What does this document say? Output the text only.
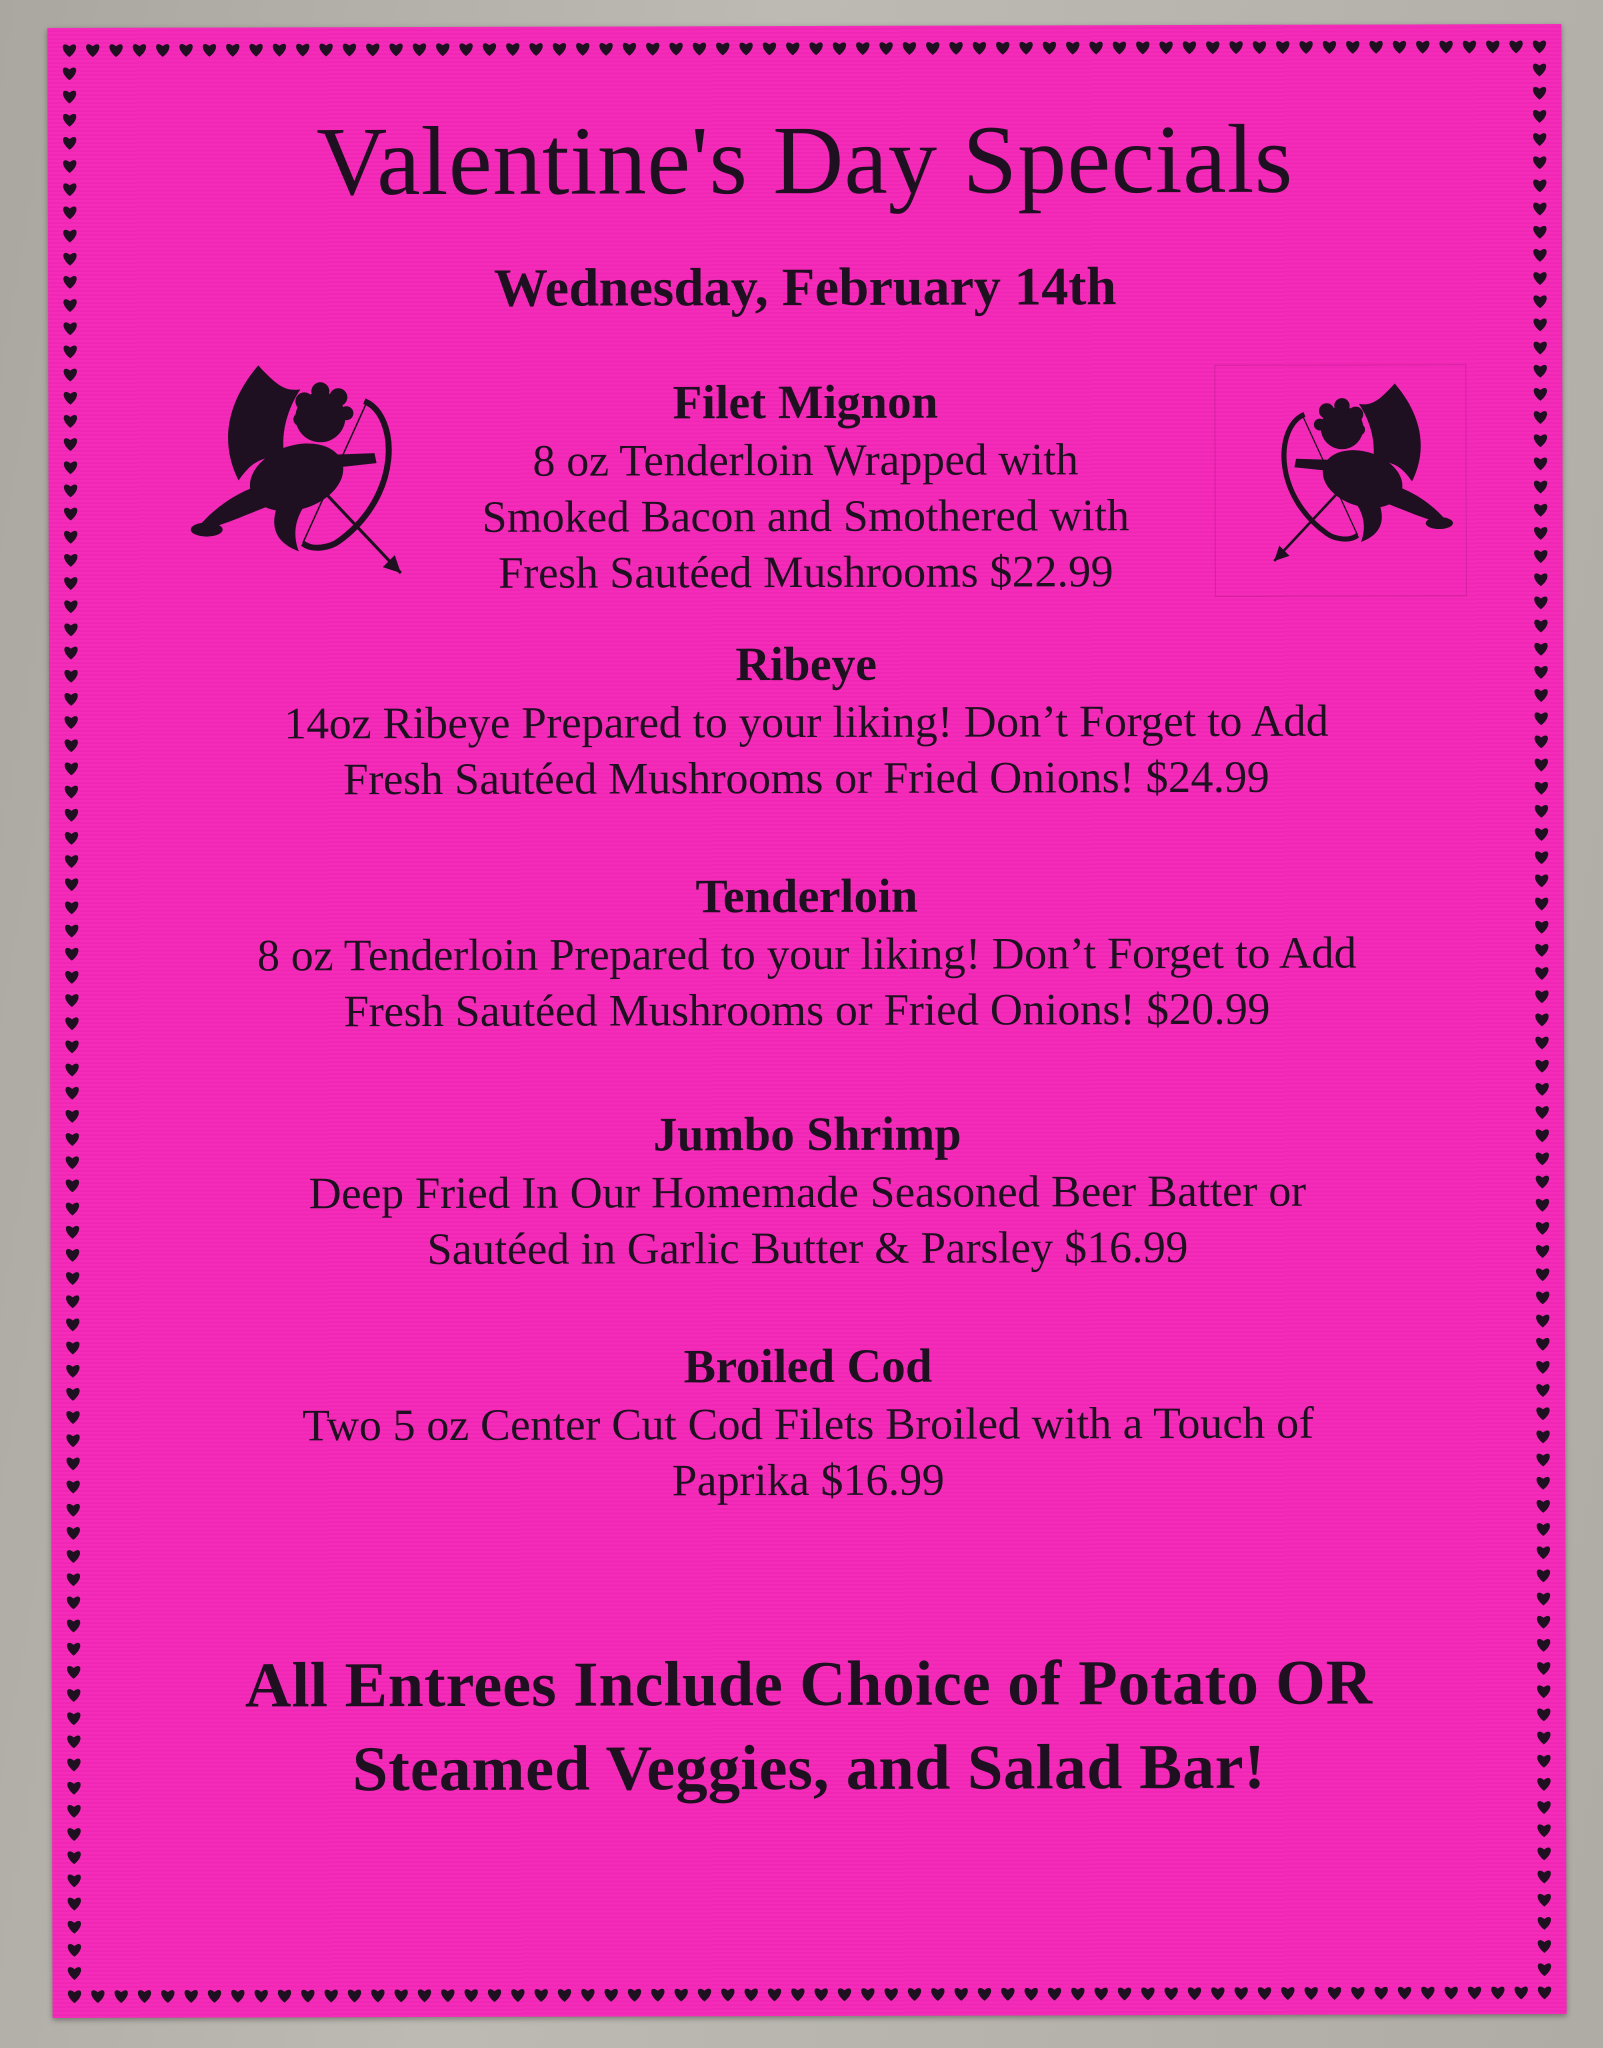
Valentine's Day Specials
Wednesday, February 14th
Filet Mignon
8 oz Tenderloin Wrapped with
Smoked Bacon and Smothered with
Fresh Sautéed Mushrooms $22.99
Ribeye
14oz Ribeye Prepared to your liking! Don’t Forget to Add
Fresh Sautéed Mushrooms or Fried Onions! $24.99
Tenderloin
8 oz Tenderloin Prepared to your liking! Don’t Forget to Add
Fresh Sautéed Mushrooms or Fried Onions! $20.99
Jumbo Shrimp
Deep Fried In Our Homemade Seasoned Beer Batter or
Sautéed in Garlic Butter & Parsley $16.99
Broiled Cod
Two 5 oz Center Cut Cod Filets Broiled with a Touch of
Paprika $16.99
All Entrees Include Choice of Potato OR
Steamed Veggies, and Salad Bar!
